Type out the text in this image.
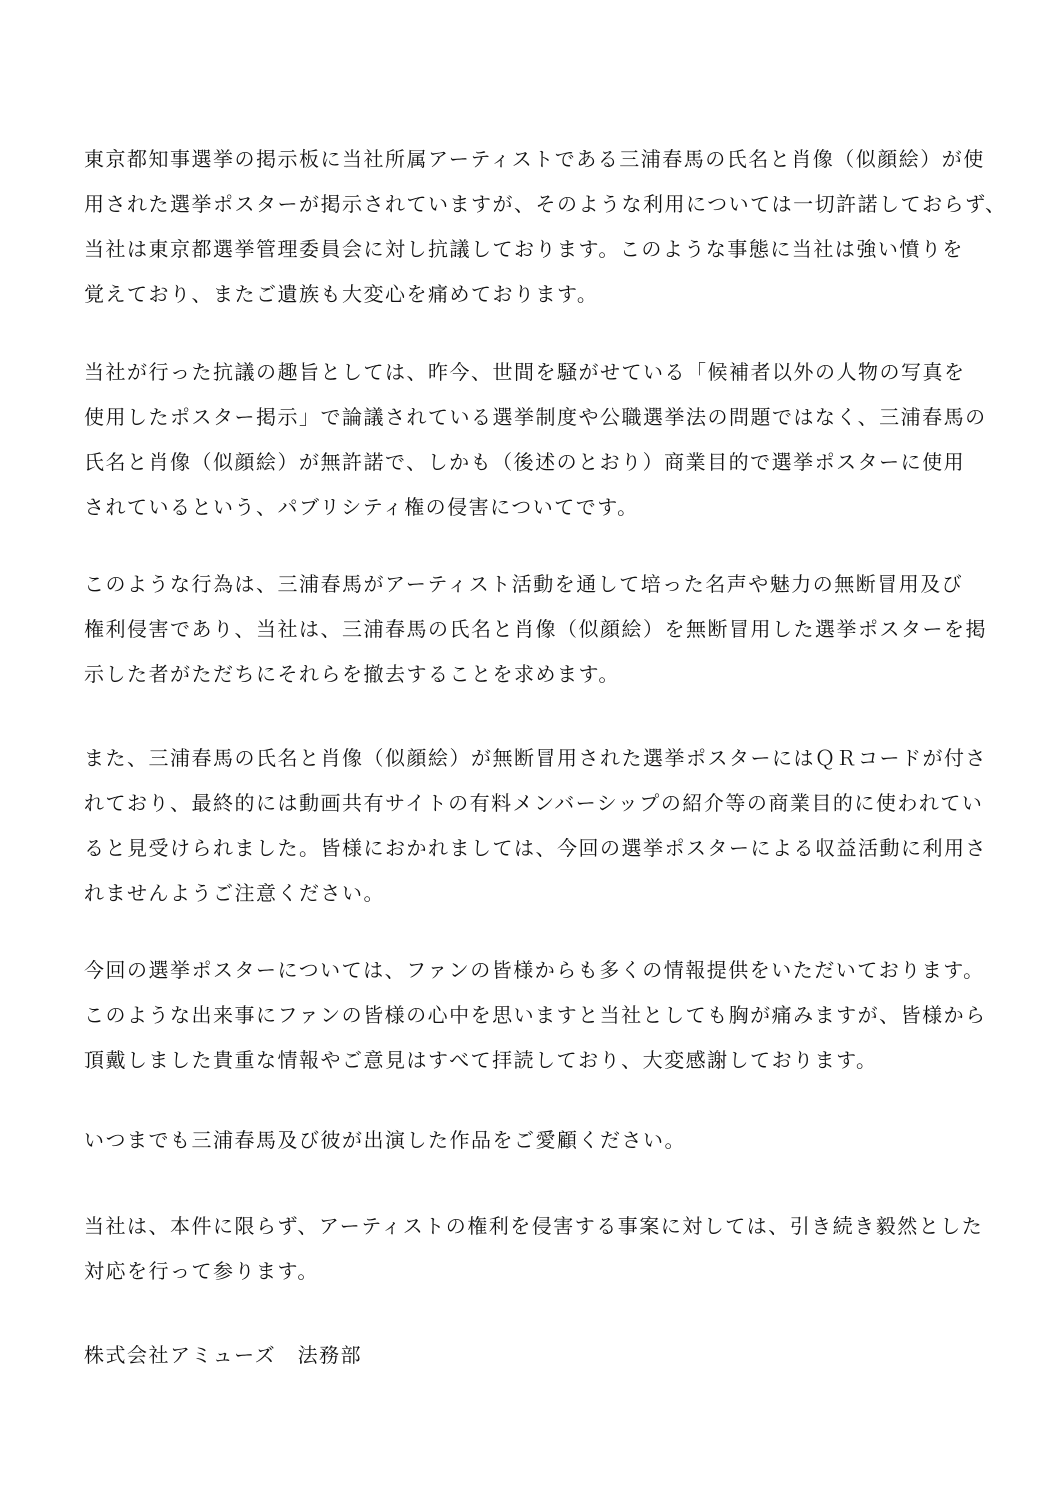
東京都知事選挙の掲示板に当社所属アーティストである三浦春馬の氏名と肖像（似顔絵）が使
用された選挙ポスターが掲示されていますが、そのような利用については一切許諾しておらず、
当社は東京都選挙管理委員会に対し抗議しております。このような事態に当社は強い憤りを
覚えており、またご遺族も大変心を痛めております。
当社が行った抗議の趣旨としては、昨今、世間を騒がせている「候補者以外の人物の写真を
使用したポスター掲示」で論議されている選挙制度や公職選挙法の問題ではなく、三浦春馬の
氏名と肖像（似顔絵）が無許諾で、しかも（後述のとおり）商業目的で選挙ポスターに使用
されているという、パブリシティ権の侵害についてです。
このような行為は、三浦春馬がアーティスト活動を通して培った名声や魅力の無断冒用及び
権利侵害であり、当社は、三浦春馬の氏名と肖像（似顔絵）を無断冒用した選挙ポスターを掲
示した者がただちにそれらを撤去することを求めます。
また、三浦春馬の氏名と肖像（似顔絵）が無断冒用された選挙ポスターにはＱＲコードが付さ
れており、最終的には動画共有サイトの有料メンバーシップの紹介等の商業目的に使われてい
ると見受けられました。皆様におかれましては、今回の選挙ポスターによる収益活動に利用さ
れませんようご注意ください。
今回の選挙ポスターについては、ファンの皆様からも多くの情報提供をいただいております。
このような出来事にファンの皆様の心中を思いますと当社としても胸が痛みますが、皆様から
頂戴しました貴重な情報やご意見はすべて拝読しており、大変感謝しております。
いつまでも三浦春馬及び彼が出演した作品をご愛顧ください。
当社は、本件に限らず、アーティストの権利を侵害する事案に対しては、引き続き毅然とした
対応を行って参ります。
株式会社アミューズ　法務部
